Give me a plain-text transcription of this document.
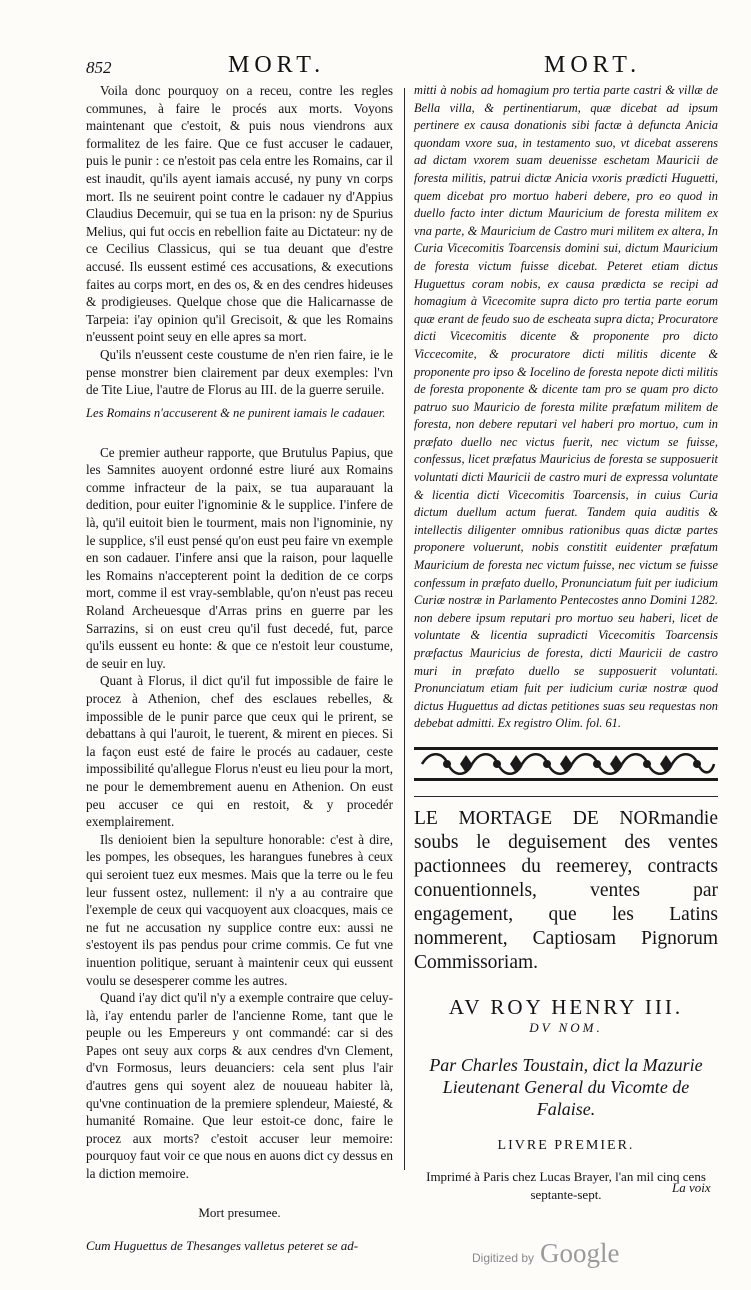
852	MORT.	MORT.

Voila donc pourquoy on a receu, contre les regles communes, à faire le procés aux morts. Voyons maintenant que c'estoit, & puis nous viendrons aux formalitez de les faire. Que ce fust accuser le cadauer, puis le punir : ce n'estoit pas cela entre les Romains, car il est inaudit, qu'ils ayent iamais accusé, ny puny vn corps mort. Ils ne seuirent point contre le cadauer ny d'Appius Claudius Decemuir, qui se tua en la prison: ny de Spurius Melius, qui fut occis en rebellion faite au Dictateur: ny de ce Cecilius Classicus, qui se tua deuant que d'estre accusé. Ils eussent estimé ces accusations, & executions faites au corps mort, en des os, & en des cendres hideuses & prodigieuses. Quelque chose que die Halicarnasse de Tarpeia: i'ay opinion qu'il Grecisoit, & que les Romains n'eussent point seuy en elle apres sa mort.

Qu'ils n'eussent ceste coustume de n'en rien faire, ie le pense monstrer bien clairement par deux exemples: l'vn de Tite Liue, l'autre de Florus au III. de la guerre seruile.

Les Romains n'accuserent & ne punirent iamais le cadauer.

Ce premier autheur rapporte, que Brutulus Papius, que les Samnites auoyent ordonné estre liuré aux Romains comme infracteur de la paix, se tua auparauant la dedition, pour euiter l'ignominie & le supplice. I'infere de là, qu'il euitoit bien le tourment, mais non l'ignominie, ny le supplice, s'il eust pensé qu'on eust peu faire vn exemple en son cadauer. I'infere ansi que la raison, pour laquelle les Romains n'accepterent point la dedition de ce corps mort, comme il est vray-semblable, qu'on n'eust pas receu Roland Archeuesque d'Arras prins en guerre par les Sarrazins, si on eust creu qu'il fust decedé, fut, parce qu'ils eussent eu honte: & que ce n'estoit leur coustume, de seuir en luy.

Quant à Florus, il dict qu'il fut impossible de faire le procez à Athenion, chef des esclaues rebelles, & impossible de le punir parce que ceux qui le prirent, se debattans à qui l'auroit, le tuerent, & mirent en pieces. Si la façon eust esté de faire le procés au cadauer, ceste impossibilité qu'allegue Florus n'eust eu lieu pour la mort, ne pour le demembrement auenu en Athenion. On eust peu accuser ce qui en restoit, & y procedér exemplairement.

Ils denioient bien la sepulture honorable: c'est à dire, les pompes, les obseques, les harangues funebres à ceux qui seroient tuez eux mesmes. Mais que la terre ou le feu leur fussent ostez, nullement: il n'y a au contraire que l'exemple de ceux qui vacquoyent aux cloacques, mais ce ne fut ne accusation ny supplice contre eux: aussi ne s'estoyent ils pas pendus pour crime commis. Ce fut vne inuention politique, seruant à maintenir ceux qui eussent voulu se desesperer comme les autres.

Quand i'ay dict qu'il n'y a exemple contraire que celuy-là, i'ay entendu parler de l'ancienne Rome, tant que le peuple ou les Empereurs y ont commandé: car si des Papes ont seuy aux corps & aux cendres d'vn Clement, d'vn Formosus, leurs deuanciers: cela sent plus l'air d'autres gens qui soyent alez de nouueau habiter là, qu'vne continuation de la premiere splendeur, Maiesté, & humanité Romaine. Que leur estoit-ce donc, faire le procez aux morts? c'estoit accuser leur memoire: pourquoy faut voir ce que nous en auons dict cy dessus en la diction memoire.

Mort presumee.

Cum Huguettus de Thesanges valletus peteret se ad-

mitti à nobis ad homagium pro tertia parte castri & villæ de Bella villa, & pertinentiarum, quæ dicebat ad ipsum pertinere ex causa donationis sibi factæ à defuncta Anicia quondam vxore sua, in testamento suo, vt dicebat asserens ad dictam vxorem suam deuenisse eschetam Mauricii de foresta militis, patrui dictæ Anicia vxoris prædicti Huguetti, quem dicebat pro mortuo haberi debere, pro eo quod in duello facto inter dictum Mauricium de foresta militem ex vna parte, & Mauricium de Castro muri militem ex altera, In Curia Vicecomitis Toarcensis domini sui, dictum Mauricium de foresta victum fuisse dicebat. Peteret etiam dictus Huguettus coram nobis, ex causa prædicta se recipi ad homagium à Vicecomite supra dicto pro tertia parte eorum quæ erant de feudo suo de escheata supra dicta; Procuratore dicti Vicecomitis dicente & proponente pro dicto Viccecomite, & procuratore dicti militis dicente & proponente pro ipso & Iocelino de foresta nepote dicti militis de foresta proponente & dicente tam pro se quam pro dicto patruo suo Mauricio de foresta milite præfatum militem de foresta, non debere reputari vel haberi pro mortuo, cum in præfato duello nec victus fuerit, nec victum se fuisse, confessus, licet præfatus Mauricius de foresta se supposuerit voluntati dicti Mauricii de castro muri de expressa voluntate & licentia dicti Vicecomitis Toarcensis, in cuius Curia dictum duellum actum fuerat. Tandem quia auditis & intellectis diligenter omnibus rationibus quas dictæ partes proponere voluerunt, nobis constitit euidenter præfatum Mauricium de foresta nec victum fuisse, nec victum se fuisse confessum in præfato duello, Pronunciatum fuit per iudicium Curiæ nostræ in Parlamento Pentecostes anno Domini 1282. non debere ipsum reputari pro mortuo seu haberi, licet de voluntate & licentia supradicti Vicecomitis Toarcensis præfactus Mauricius de foresta, dicti Mauricii de castro muri in præfato duello se supposuerit voluntati. Pronunciatum etiam fuit per iudicium curiæ nostræ quod dictus Huguettus ad dictas petitiones suas seu requestas non debebat admitti. Ex registro Olim. fol. 61.

LE MORTAGE DE NORmandie soubs le deguisement des ventes pactionnees du reemerey, contracts conuentionnels, ventes par engagement, que les Latins nommerent, Captiosam Pignorum Commissoriam.

AV ROY HENRY III.

DV NOM.

Par Charles Toustain, dict la Mazurie Lieutenant General du Vicomte de Falaise.

LIVRE PREMIER.

Imprimé à Paris chez Lucas Brayer, l'an mil cinq cens septante-sept.	La voix
Digitized by Google
